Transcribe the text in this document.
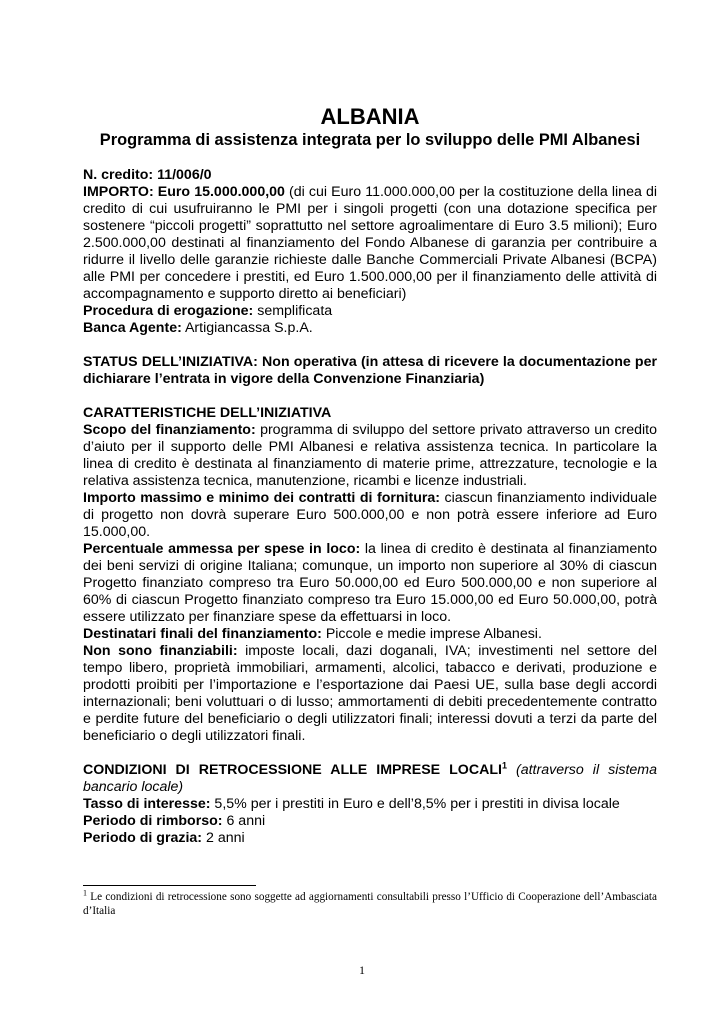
ALBANIA
Programma di assistenza integrata per lo sviluppo delle PMI Albanesi

N. credito: 11/006/0

IMPORTO: Euro 15.000.000,00 (di cui Euro 11.000.000,00 per la costituzione della linea di credito di cui usufruiranno le PMI per i singoli progetti (con una dotazione specifica per sostenere “piccoli progetti” soprattutto nel settore agroalimentare di Euro 3.5 milioni); Euro 2.500.000,00 destinati al finanziamento del Fondo Albanese di garanzia per contribuire a ridurre il livello delle garanzie richieste dalle Banche Commerciali Private Albanesi (BCPA) alle PMI per concedere i prestiti, ed Euro 1.500.000,00 per il finanziamento delle attività di accompagnamento e supporto diretto ai beneficiari)

Procedura di erogazione: semplificata

Banca Agente: Artigiancassa S.p.A.

STATUS DELL’INIZIATIVA: Non operativa (in attesa di ricevere la documentazione per dichiarare l’entrata in vigore della Convenzione Finanziaria)

CARATTERISTICHE DELL’INIZIATIVA

Scopo del finanziamento: programma di sviluppo del settore privato attraverso un credito d’aiuto per il supporto delle PMI Albanesi e relativa assistenza tecnica. In particolare la linea di credito è destinata al finanziamento di materie prime, attrezzature, tecnologie e la relativa assistenza tecnica, manutenzione, ricambi e licenze industriali.

Importo massimo e minimo dei contratti di fornitura: ciascun finanziamento individuale di progetto non dovrà superare Euro 500.000,00 e non potrà essere inferiore ad Euro 15.000,00.

Percentuale ammessa per spese in loco: la linea di credito è destinata al finanziamento dei beni servizi di origine Italiana; comunque, un importo non superiore al 30% di ciascun Progetto finanziato compreso tra Euro 50.000,00 ed Euro 500.000,00 e non superiore al 60% di ciascun Progetto finanziato compreso tra Euro 15.000,00 ed Euro 50.000,00, potrà essere utilizzato per finanziare spese da effettuarsi in loco.

Destinatari finali del finanziamento: Piccole e medie imprese Albanesi.

Non sono finanziabili: imposte locali, dazi doganali, IVA; investimenti nel settore del tempo libero, proprietà immobiliari, armamenti, alcolici, tabacco e derivati, produzione e prodotti proibiti per l’importazione e l’esportazione dai Paesi UE, sulla base degli accordi internazionali; beni voluttuari o di lusso; ammortamenti di debiti precedentemente contratto e perdite future del beneficiario o degli utilizzatori finali; interessi dovuti a terzi da parte del beneficiario o degli utilizzatori finali.

CONDIZIONI DI RETROCESSIONE ALLE IMPRESE LOCALI$^1$ (attraverso il sistema bancario locale)

Tasso di interesse: 5,5% per i prestiti in Euro e dell’8,5% per i prestiti in divisa locale

Periodo di rimborso: 6 anni

Periodo di grazia: 2 anni

$^1$ Le condizioni di retrocessione sono soggette ad aggiornamenti consultabili presso l’Ufficio di Cooperazione dell’Ambasciata d’Italia
1
